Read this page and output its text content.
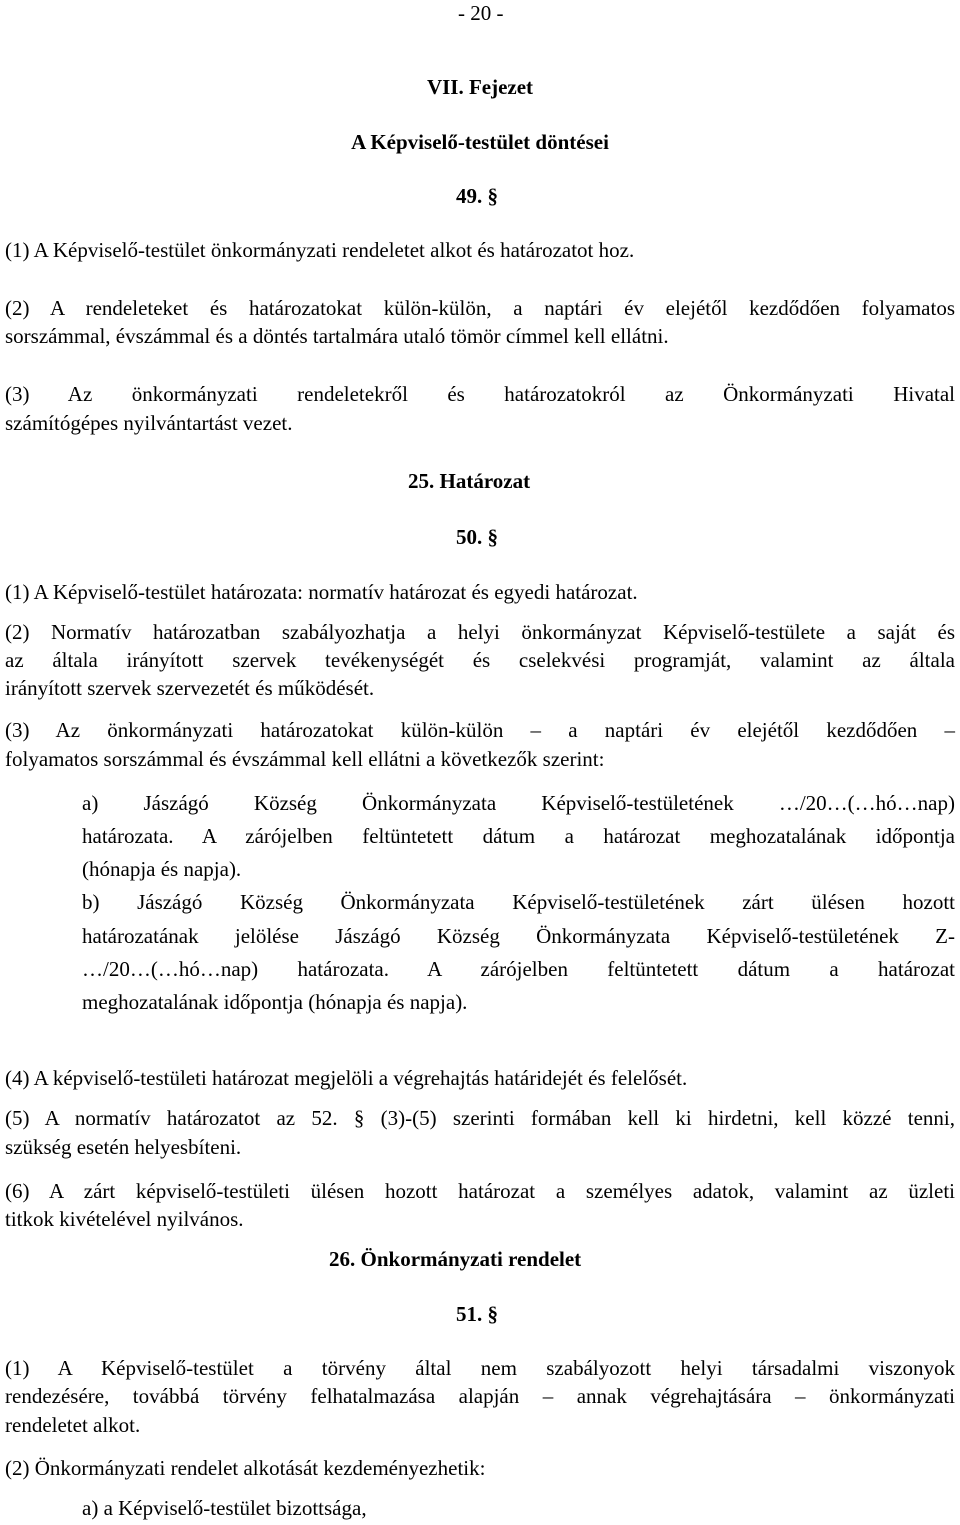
- 20 -
VII. Fejezet
A Képviselő-testület döntései
49. §
(1) A Képviselő-testület önkormányzati rendeletet alkot és határozatot hoz.
(2) A rendeleteket és határozatokat külön-külön, a naptári év elejétől kezdődően folyamatos
sorszámmal, évszámmal és a döntés tartalmára utaló tömör címmel kell ellátni.
(3) Az önkormányzati rendeletekről és határozatokról az Önkormányzati Hivatal
számítógépes nyilvántartást vezet.
25. Határozat
50. §
(1) A Képviselő-testület határozata: normatív határozat és egyedi határozat.
(2) Normatív határozatban szabályozhatja a helyi önkormányzat Képviselő-testülete a saját és
az általa irányított szervek tevékenységét és cselekvési programját, valamint az általa
irányított szervek szervezetét és működését.
(3) Az önkormányzati határozatokat külön-külön – a naptári év elejétől kezdődően –
folyamatos sorszámmal és évszámmal kell ellátni a következők szerint:
a) Jászágó Község Önkormányzata Képviselő-testületének …/20…(…hó…nap)
határozata. A zárójelben feltüntetett dátum a határozat meghozatalának időpontja
(hónapja és napja).
b) Jászágó Község Önkormányzata Képviselő-testületének zárt ülésen hozott
határozatának jelölése Jászágó Község Önkormányzata Képviselő-testületének Z-
…/20…(…hó…nap) határozata. A zárójelben feltüntetett dátum a határozat
meghozatalának időpontja (hónapja és napja).
(4) A képviselő-testületi határozat megjelöli a végrehajtás határidejét és felelősét.
(5) A normatív határozatot az 52. § (3)-(5) szerinti formában kell ki hirdetni, kell közzé tenni,
szükség esetén helyesbíteni.
(6) A zárt képviselő-testületi ülésen hozott határozat a személyes adatok, valamint az üzleti
titkok kivételével nyilvános.
26. Önkormányzati rendelet
51. §
(1) A Képviselő-testület a törvény által nem szabályozott helyi társadalmi viszonyok
rendezésére, továbbá törvény felhatalmazása alapján – annak végrehajtására – önkormányzati
rendeletet alkot.
(2) Önkormányzati rendelet alkotását kezdeményezhetik:
a) a Képviselő-testület bizottsága,
